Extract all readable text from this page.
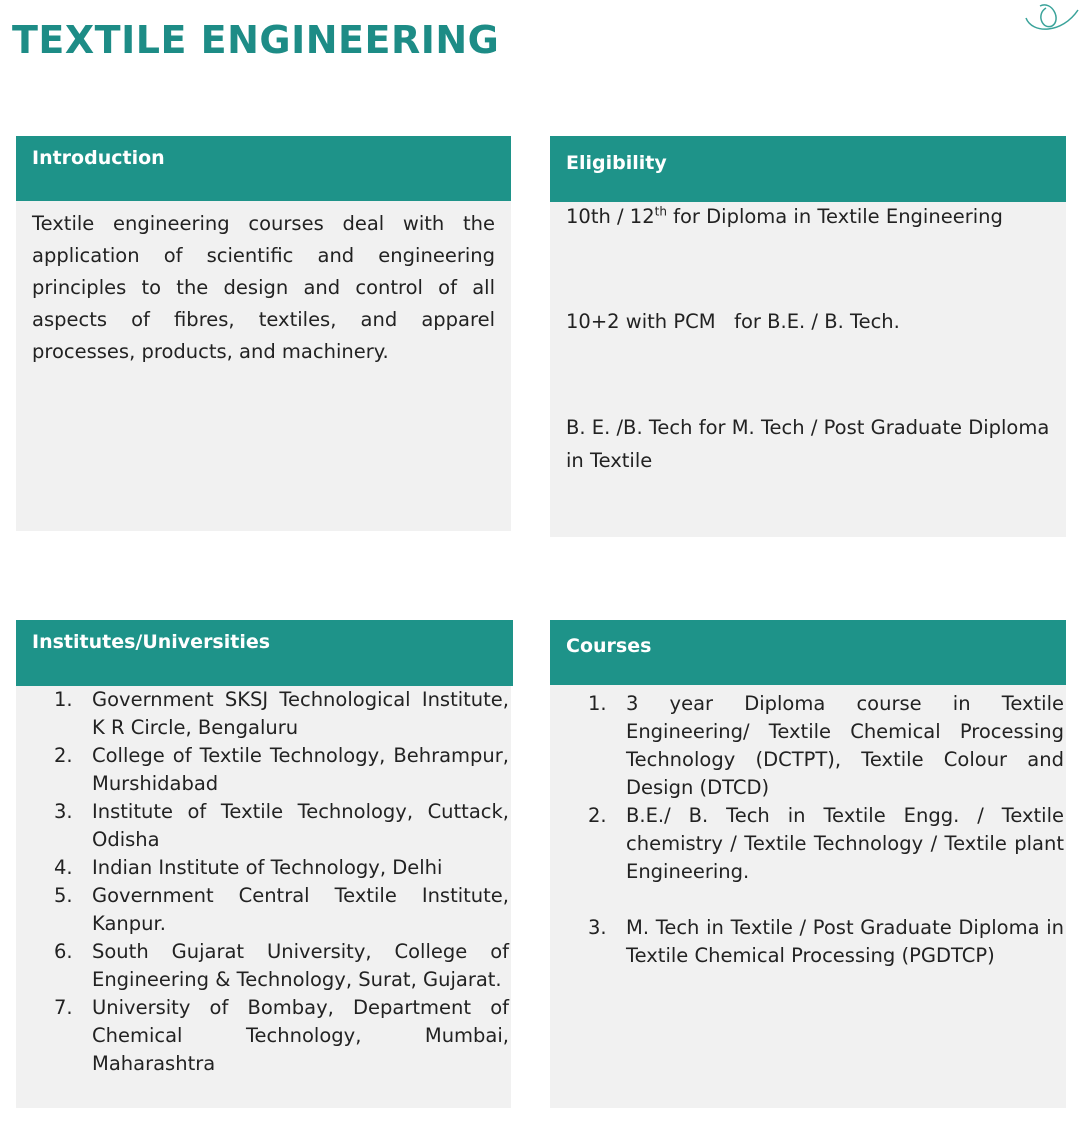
TEXTILE ENGINEERING
Introduction

Textile engineering courses deal with the application of scientific and engineering principles to the design and control of all aspects of fibres, textiles, and apparel processes, products, and machinery.

Eligibility

10th / 12th for Diploma in Textile Engineering

10+2 with PCM   for B.E. / B. Tech.

B. E. /B. Tech for M. Tech / Post Graduate Diploma in Textile

Institutes/Universities
1. Government SKSJ Technological Institute, K R Circle, Bengaluru
2. College of Textile Technology, Behrampur, Murshidabad
3. Institute of Textile Technology, Cuttack, Odisha
4. Indian Institute of Technology, Delhi
5. Government Central Textile Institute, Kanpur.
6. South Gujarat University, College of Engineering & Technology, Surat, Gujarat.
7. University of Bombay, Department of Chemical Technology, Mumbai, Maharashtra
Courses
1. 3 year Diploma course in Textile Engineering/ Textile Chemical Processing Technology (DCTPT), Textile Colour and Design (DTCD)
2. B.E./ B. Tech in Textile Engg. / Textile chemistry / Textile Technology / Textile plant Engineering.
3. M. Tech in Textile / Post Graduate Diploma in Textile Chemical Processing (PGDTCP)
